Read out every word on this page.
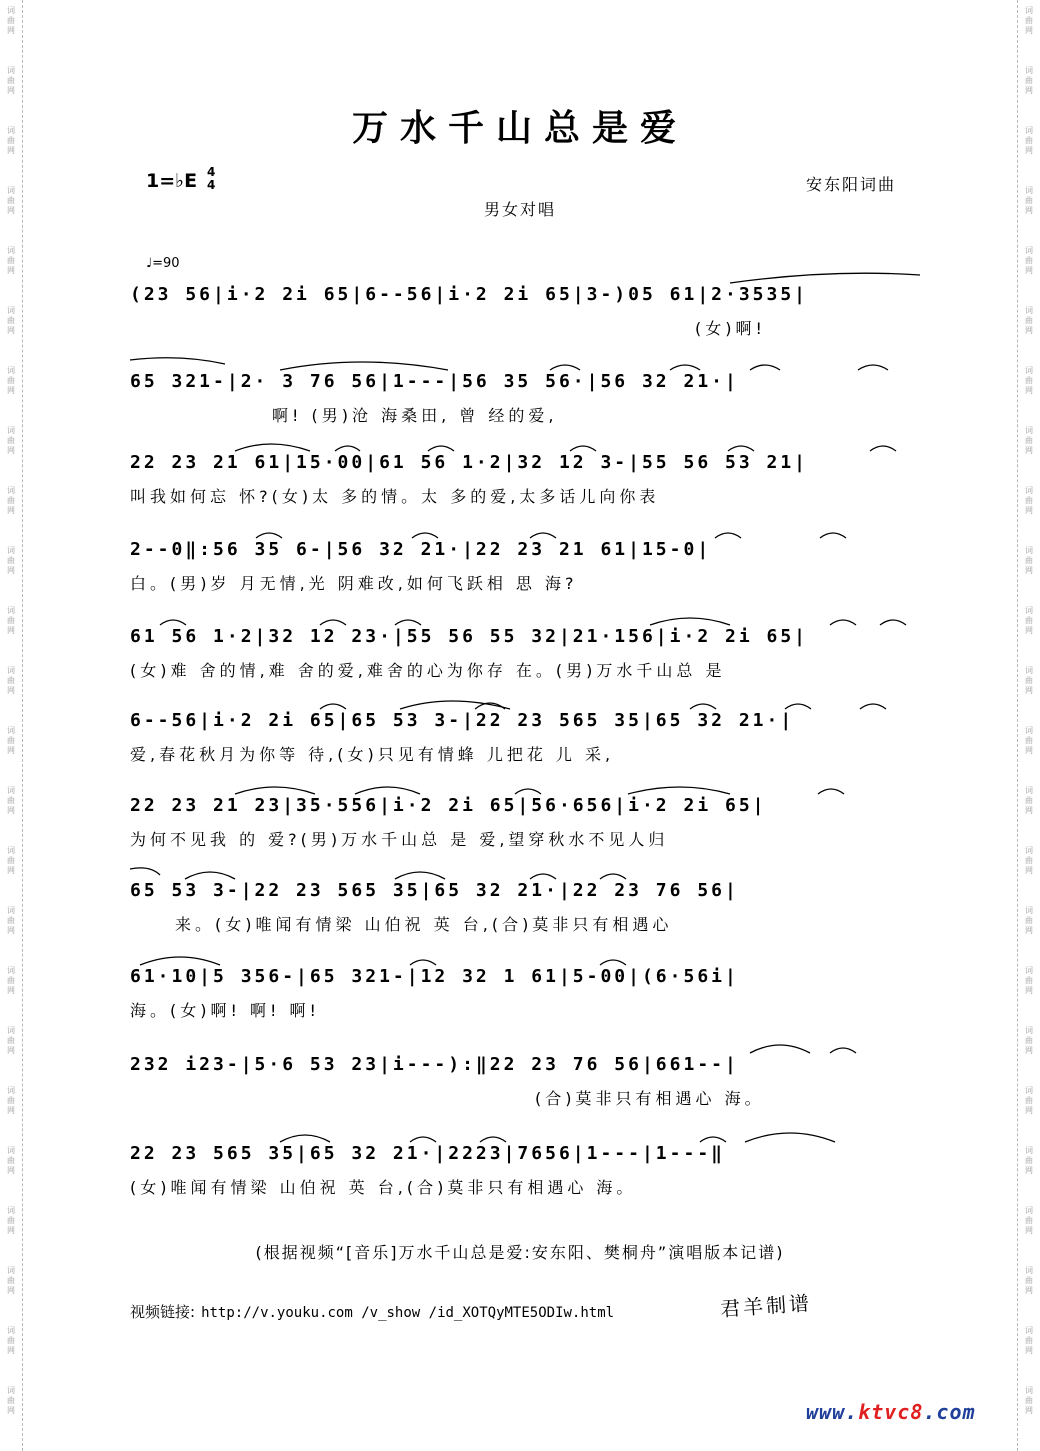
词
曲
网
词
曲
网
词
曲
网
词
曲
网
词
曲
网
词
曲
网
词
曲
网
词
曲
网
词
曲
网
词
曲
网
词
曲
网
词
曲
网
词
曲
网
词
曲
网
词
曲
网
词
曲
网
词
曲
网
词
曲
网
词
曲
网
词
曲
网
词
曲
网
词
曲
网
词
曲
网
词
曲
网
词
曲
网
词
曲
网
词
曲
网
词
曲
网
词
曲
网
词
曲
网
词
曲
网
词
曲
网
词
曲
网
词
曲
网
词
曲
网
词
曲
网
词
曲
网
词
曲
网
词
曲
网
词
曲
网
词
曲
网
词
曲
网
词
曲
网
词
曲
网
词
曲
网
词
曲
网
词
曲
网
词
曲
网
万水千山总是爱
1=♭E 4
4	安东阳词曲
男女对唱
♩=90
(23 56|i·2 2i 65|6--56|i·2 2i 65|3-)05 61|2·3535|
(女)啊!
65 321-|2· 3 76 56|1---|56 35 56·|56 32 21·|
啊! (男)沧 海桑田, 曾 经的爱,
22 23 21 61|15·00|61 56 1·2|32 12 3-|55 56 53 21|
叫我如何忘 怀?(女)太 多的情。太 多的爱,太多话儿向你表
2--0‖:56 35 6-|56 32 21·|22 23 21 61|15-0|
白。(男)岁 月无情,光 阴难改,如何飞跃相 思 海?
61 56 1·2|32 12 23·|55 56 55 32|21·156|i·2 2i 65|
(女)难 舍的情,难 舍的爱,难舍的心为你存 在。(男)万水千山总 是
6--56|i·2 2i 65|65 53 3-|22 23 565 35|65 32 21·|
爱,春花秋月为你等 待,(女)只见有情蜂 儿把花 儿 采,
22 23 21 23|35·556|i·2 2i 65|56·656|i·2 2i 65|
为何不见我 的 爱?(男)万水千山总 是 爱,望穿秋水不见人归
65 53 3-|22 23 565 35|65 32 21·|22 23 76 56|
来。(女)唯闻有情梁 山伯祝 英 台,(合)莫非只有相遇心
61·10|5 356-|65 321-|12 32 1 61|5-00|(6·56i|
海。(女)啊! 啊! 啊!
232 i23-|5·6 53 23|i---):‖22 23 76 56|661--|
(合)莫非只有相遇心 海。
22 23 565 35|65 32 21·|2223|7656|1---|1---‖
(女)唯闻有情梁 山伯祝 英 台,(合)莫非只有相遇心 海。
(根据视频“[音乐]万水千山总是爱:安东阳、樊桐舟”演唱版本记谱)
视频链接: http://v.youku.com /v_show /id_XOTQyMTE5ODIw.html	君羊制谱
www.ktvc8.com
